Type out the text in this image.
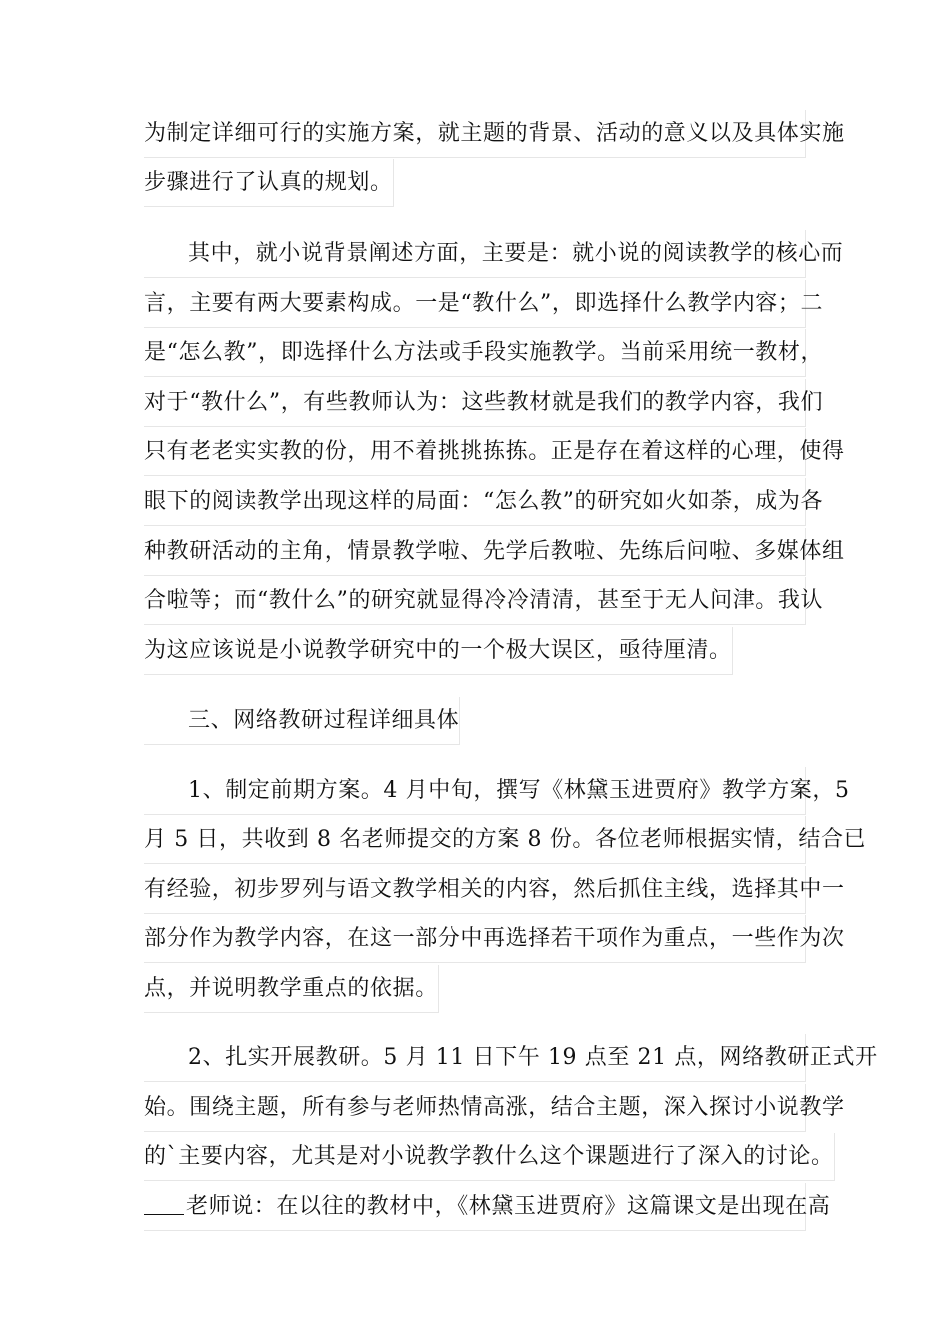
为制定详细可行的实施方案，就主题的背景、活动的意义以及具体实施
步骤进行了认真的规划。
其中，就小说背景阐述方面，主要是：就小说的阅读教学的核心而
言，主要有两大要素构成。一是“教什么”，即选择什么教学内容；二
是“怎么教”，即选择什么方法或手段实施教学。当前采用统一教材，
对于“教什么”，有些教师认为：这些教材就是我们的教学内容，我们
只有老老实实教的份，用不着挑挑拣拣。正是存在着这样的心理，使得
眼下的阅读教学出现这样的局面：“怎么教”的研究如火如荼，成为各
种教研活动的主角，情景教学啦、先学后教啦、先练后问啦、多媒体组
合啦等；而“教什么”的研究就显得冷冷清清，甚至于无人问津。我认
为这应该说是小说教学研究中的一个极大误区，亟待厘清。
三、网络教研过程详细具体
1、制定前期方案。4 月中旬，撰写《林黛玉进贾府》教学方案，5
月 5 日，共收到 8 名老师提交的方案 8 份。各位老师根据实情，结合已
有经验，初步罗列与语文教学相关的内容，然后抓住主线，选择其中一
部分作为教学内容，在这一部分中再选择若干项作为重点，一些作为次
点，并说明教学重点的依据。
2、扎实开展教研。5 月 11 日下午 19 点至 21 点，网络教研正式开
始。围绕主题，所有参与老师热情高涨，结合主题，深入探讨小说教学
的`主要内容，尤其是对小说教学教什么这个课题进行了深入的讨论。
老师说：在以往的教材中，《林黛玉进贾府》这篇课文是出现在高
